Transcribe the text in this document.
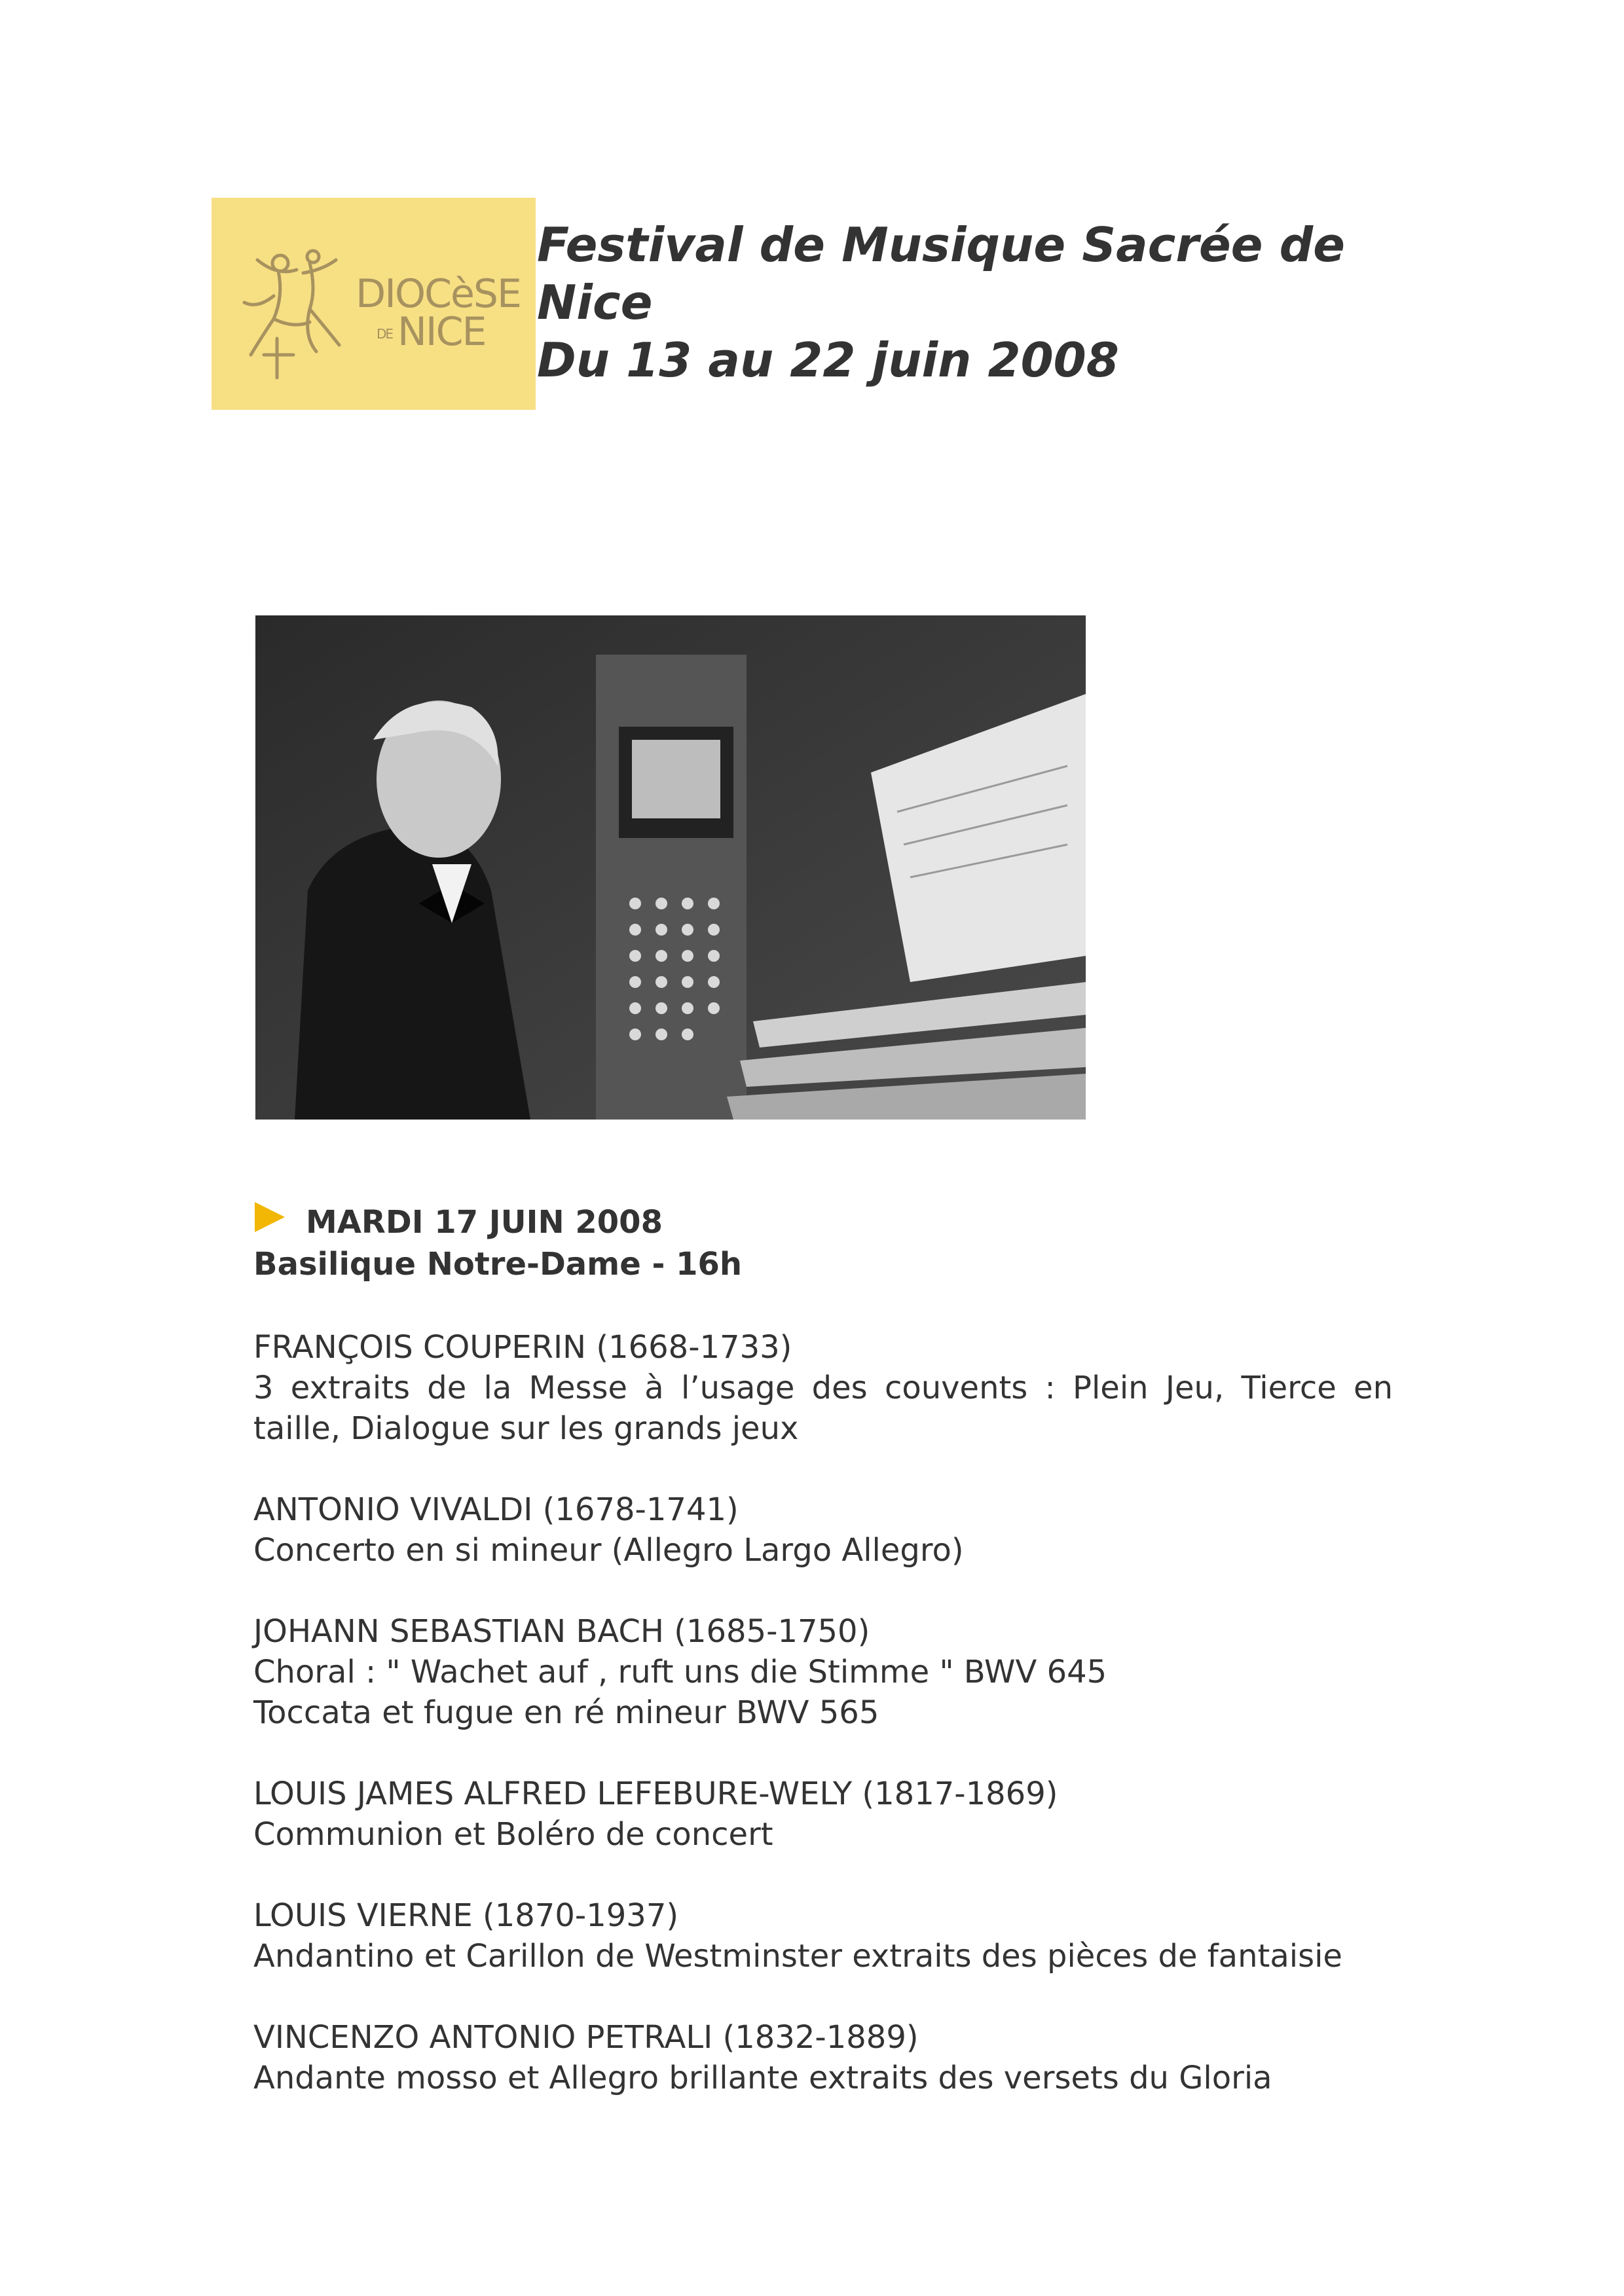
DIOCèSE
DE NICE
Festival de Musique Sacrée de
Nice
Du 13 au 22 juin 2008
MARDI 17 JUIN 2008
Basilique Notre-Dame - 16h
FRANÇOIS COUPERIN (1668-1733)
3 extraits de la Messe à l’usage des couvents : Plein Jeu, Tierce en taille, Dialogue sur les grands jeux
ANTONIO VIVALDI (1678-1741)
Concerto en si mineur (Allegro Largo Allegro)
JOHANN SEBASTIAN BACH (1685-1750)
Choral : " Wachet auf , ruft uns die Stimme " BWV 645
Toccata et fugue en ré mineur BWV 565
LOUIS JAMES ALFRED LEFEBURE-WELY (1817-1869)
Communion et Boléro de concert
LOUIS VIERNE (1870-1937)
Andantino et Carillon de Westminster extraits des pièces de fantaisie
VINCENZO ANTONIO PETRALI (1832-1889)
Andante mosso et Allegro brillante extraits des versets du Gloria
